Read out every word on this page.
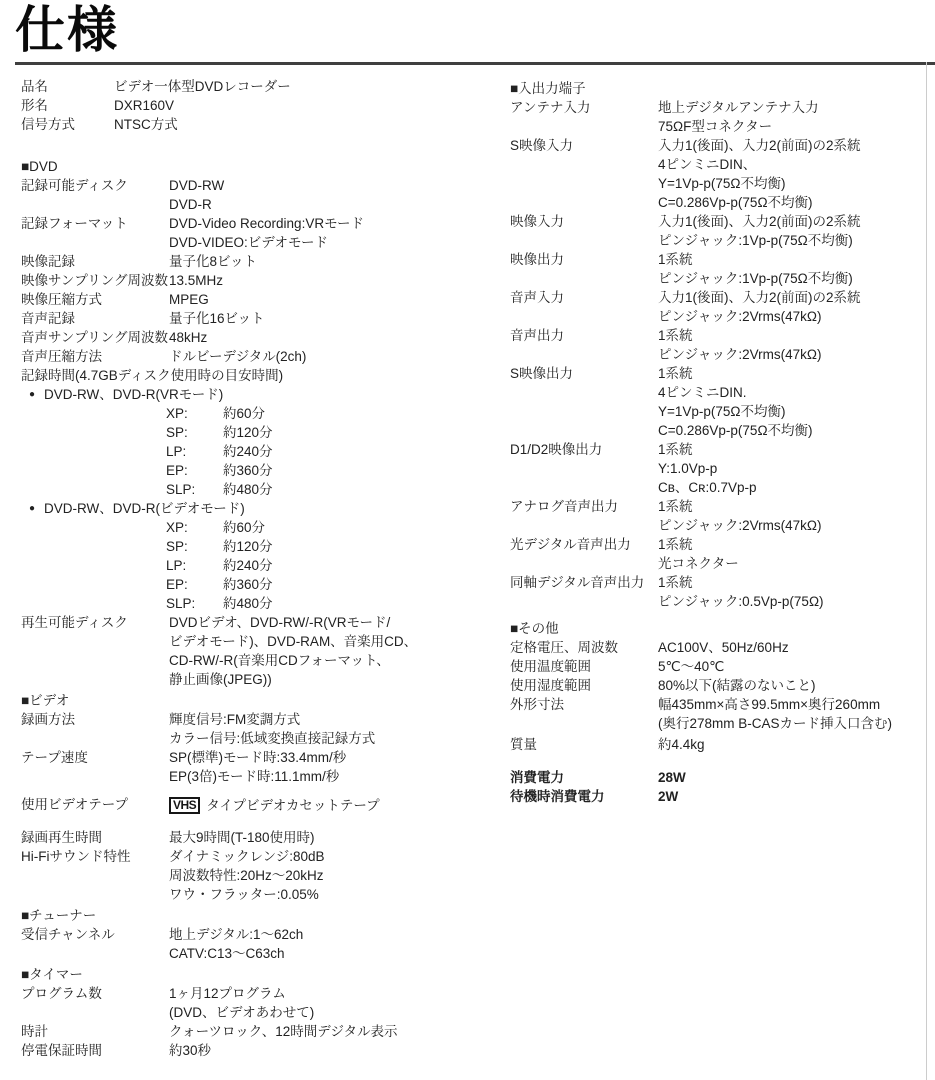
仕様
品名	ビデオ一体型DVDレコーダー
形名	DXR160V
信号方式	NTSC方式
■DVD
記録可能ディスク	DVD-RW
DVD-R
記録フォーマット	DVD-Video Recording:VRモード
DVD-VIDEO:ビデオモード
映像記録	量子化8ビット
映像サンプリング周波数 13.5MHz
映像圧縮方式	MPEG
音声記録	量子化16ビット
音声サンプリング周波数 48kHz
音声圧縮方法	ドルビーデジタル(2ch)
記録時間(4.7GBディスク使用時の目安時間)
● DVD-RW、DVD-R(VRモード)
XP:	約60分
SP:	約120分
LP:	約240分
EP:	約360分
SLP:	約480分
● DVD-RW、DVD-R(ビデオモード)
XP:	約60分
SP:	約120分
LP:	約240分
EP:	約360分
SLP:	約480分
再生可能ディスク	DVDビデオ、DVD-RW/-R(VRモード/
ビデオモード)、DVD-RAM、音楽用CD、
CD-RW/-R(音楽用CDフォーマット、
静止画像(JPEG))
■ビデオ
録画方法	輝度信号:FM変調方式
カラー信号:低域変換直接記録方式
テープ速度	SP(標準)モード時:33.4mm/秒
EP(3倍)モード時:11.1mm/秒
使用ビデオテープ	VHS タイプビデオカセットテープ
録画再生時間	最大9時間(T-180使用時)
Hi-Fiサウンド特性	ダイナミックレンジ:80dB
周波数特性:20Hz〜20kHz
ワウ・フラッター:0.05%
■チューナー
受信チャンネル	地上デジタル:1〜62ch
CATV:C13〜C63ch
■タイマー
プログラム数	1ヶ月12プログラム
(DVD、ビデオあわせて)
時計	クォーツロック、12時間デジタル表示
停電保証時間	約30秒
■入出力端子
アンテナ入力	地上デジタルアンテナ入力
75ΩF型コネクター
S映像入力	入力1(後面)、入力2(前面)の2系統
4ピンミニDIN、
Y=1Vp-p(75Ω不均衡)
C=0.286Vp-p(75Ω不均衡)
映像入力	入力1(後面)、入力2(前面)の2系統
ピンジャック:1Vp-p(75Ω不均衡)
映像出力	1系統
ピンジャック:1Vp-p(75Ω不均衡)
音声入力	入力1(後面)、入力2(前面)の2系統
ピンジャック:2Vrms(47kΩ)
音声出力	1系統
ピンジャック:2Vrms(47kΩ)
S映像出力	1系統
4ピンミニDIN.
Y=1Vp-p(75Ω不均衡)
C=0.286Vp-p(75Ω不均衡)
D1/D2映像出力	1系統
Y:1.0Vp-p
Cʙ、Cʀ:0.7Vp-p
アナログ音声出力	1系統
ピンジャック:2Vrms(47kΩ)
光デジタル音声出力	1系統
光コネクター
同軸デジタル音声出力	1系統
ピンジャック:0.5Vp-p(75Ω)
■その他
定格電圧、周波数	AC100V、50Hz/60Hz
使用温度範囲	5℃〜40℃
使用湿度範囲	80%以下(結露のないこと)
外形寸法	幅435mm×高さ99.5mm×奥行260mm
(奥行278mm B-CASカード挿入口含む)
質量	約4.4kg
消費電力	28W
待機時消費電力	2W
